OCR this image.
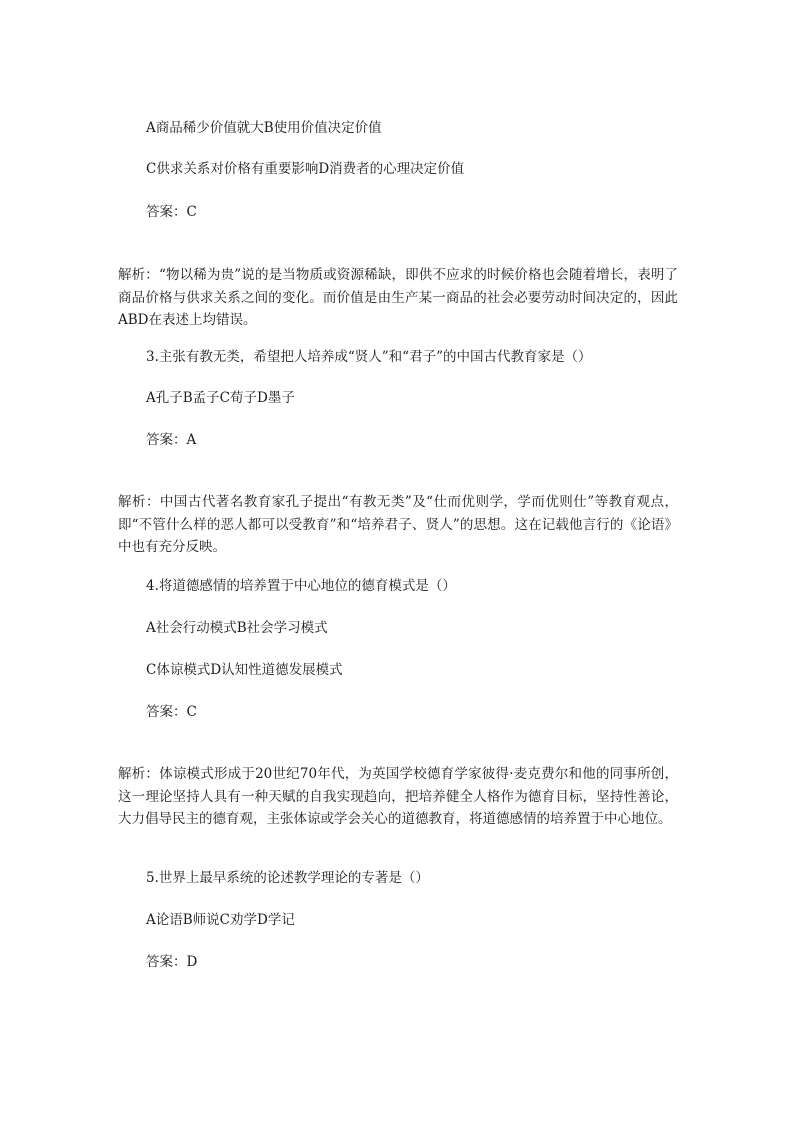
A商品稀少价值就大B使用价值决定价值
C供求关系对价格有重要影响D消费者的心理决定价值
答案：C
解析：“物以稀为贵”说的是当物质或资源稀缺，即供不应求的时候价格也会随着增长，表明了商品价格与供求关系之间的变化。而价值是由生产某一商品的社会必要劳动时间决定的，因此ABD在表述上均错误。
3.主张有教无类，希望把人培养成“贤人”和“君子”的中国古代教育家是（）
A孔子B孟子C荀子D墨子
答案：A
解析：中国古代著名教育家孔子提出“有教无类”及“仕而优则学，学而优则仕”等教育观点，即“不管什么样的恶人都可以受教育”和“培养君子、贤人”的思想。这在记载他言行的《论语》中也有充分反映。
4.将道德感情的培养置于中心地位的德育模式是（）
A社会行动模式B社会学习模式
C体谅模式D认知性道德发展模式
答案：C
解析：体谅模式形成于20世纪70年代，为英国学校德育学家彼得·麦克费尔和他的同事所创，这一理论坚持人具有一种天赋的自我实现趋向，把培养健全人格作为德育目标，坚持性善论，大力倡导民主的德育观，主张体谅或学会关心的道德教育，将道德感情的培养置于中心地位。
5.世界上最早系统的论述教学理论的专著是（）
A论语B师说C劝学D学记
答案：D
